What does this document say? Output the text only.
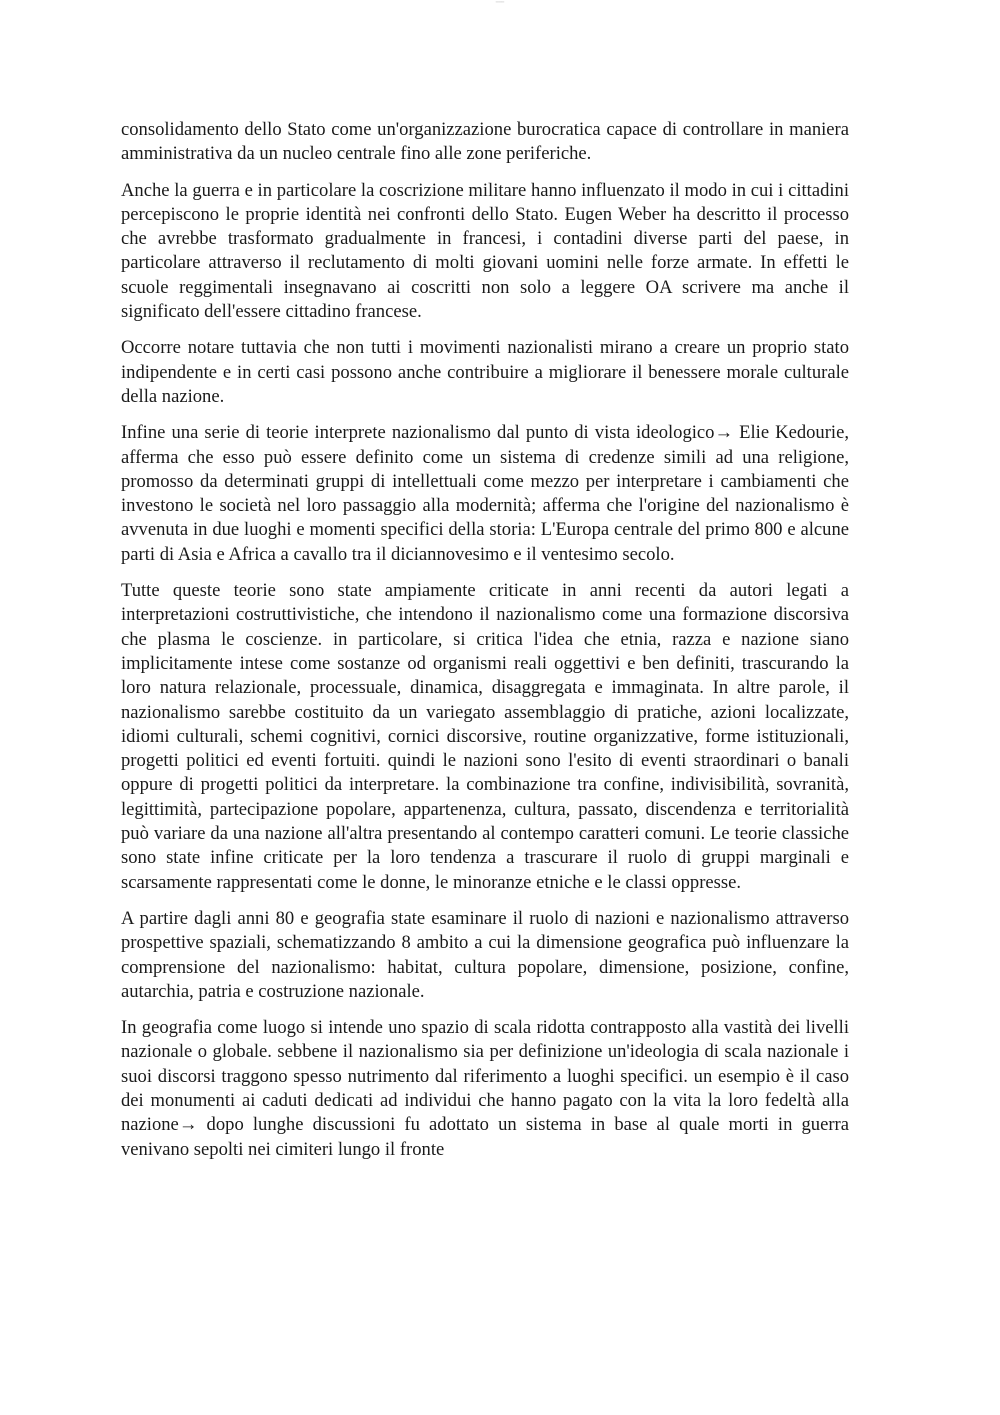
═══

consolidamento dello Stato come un'organizzazione burocratica capace di controllare in maniera amministrativa da un nucleo centrale fino alle zone periferiche.

Anche la guerra e in particolare la coscrizione militare hanno influenzato il modo in cui i cittadini percepiscono le proprie identità nei confronti dello Stato. Eugen Weber ha descritto il processo che avrebbe trasformato gradualmente in francesi, i contadini diverse parti del paese, in particolare attraverso il reclutamento di molti giovani uomini nelle forze armate. In effetti le scuole reggimentali insegnavano ai coscritti non solo a leggere OA scrivere ma anche il significato dell'essere cittadino francese.

Occorre notare tuttavia che non tutti i movimenti nazionalisti mirano a creare un proprio stato indipendente e in certi casi possono anche contribuire a migliorare il benessere morale culturale della nazione.

Infine una serie di teorie interprete nazionalismo dal punto di vista ideologico→ Elie Kedourie, afferma che esso può essere definito come un sistema di credenze simili ad una religione, promosso da determinati gruppi di intellettuali come mezzo per interpretare i cambiamenti che investono le società nel loro passaggio alla modernità; afferma che l'origine del nazionalismo è avvenuta in due luoghi e momenti specifici della storia: L'Europa centrale del primo 800 e alcune parti di Asia e Africa a cavallo tra il diciannovesimo e il ventesimo secolo.

Tutte queste teorie sono state ampiamente criticate in anni recenti da autori legati a interpretazioni costruttivistiche, che intendono il nazionalismo come una formazione discorsiva che plasma le coscienze. in particolare, si critica l'idea che etnia, razza e nazione siano implicitamente intese come sostanze od organismi reali oggettivi e ben definiti, trascurando la loro natura relazionale, processuale, dinamica, disaggregata e immaginata. In altre parole, il nazionalismo sarebbe costituito da un variegato assemblaggio di pratiche, azioni localizzate, idiomi culturali, schemi cognitivi, cornici discorsive, routine organizzative, forme istituzionali, progetti politici ed eventi fortuiti. quindi le nazioni sono l'esito di eventi straordinari o banali oppure di progetti politici da interpretare. la combinazione tra confine, indivisibilità, sovranità, legittimità, partecipazione popolare, appartenenza, cultura, passato, discendenza e territorialità può variare da una nazione all'altra presentando al contempo caratteri comuni. Le teorie classiche sono state infine criticate per la loro tendenza a trascurare il ruolo di gruppi marginali e scarsamente rappresentati come le donne, le minoranze etniche e le classi oppresse.

A partire dagli anni 80 e geografia state esaminare il ruolo di nazioni e nazionalismo attraverso prospettive spaziali, schematizzando 8 ambito a cui la dimensione geografica può influenzare la comprensione del nazionalismo: habitat, cultura popolare, dimensione, posizione, confine, autarchia, patria e costruzione nazionale.

In geografia come luogo si intende uno spazio di scala ridotta contrapposto alla vastità dei livelli nazionale o globale. sebbene il nazionalismo sia per definizione un'ideologia di scala nazionale i suoi discorsi traggono spesso nutrimento dal riferimento a luoghi specifici. un esempio è il caso dei monumenti ai caduti dedicati ad individui che hanno pagato con la vita la loro fedeltà alla nazione→ dopo lunghe discussioni fu adottato un sistema in base al quale morti in guerra venivano sepolti nei cimiteri lungo il fronte
